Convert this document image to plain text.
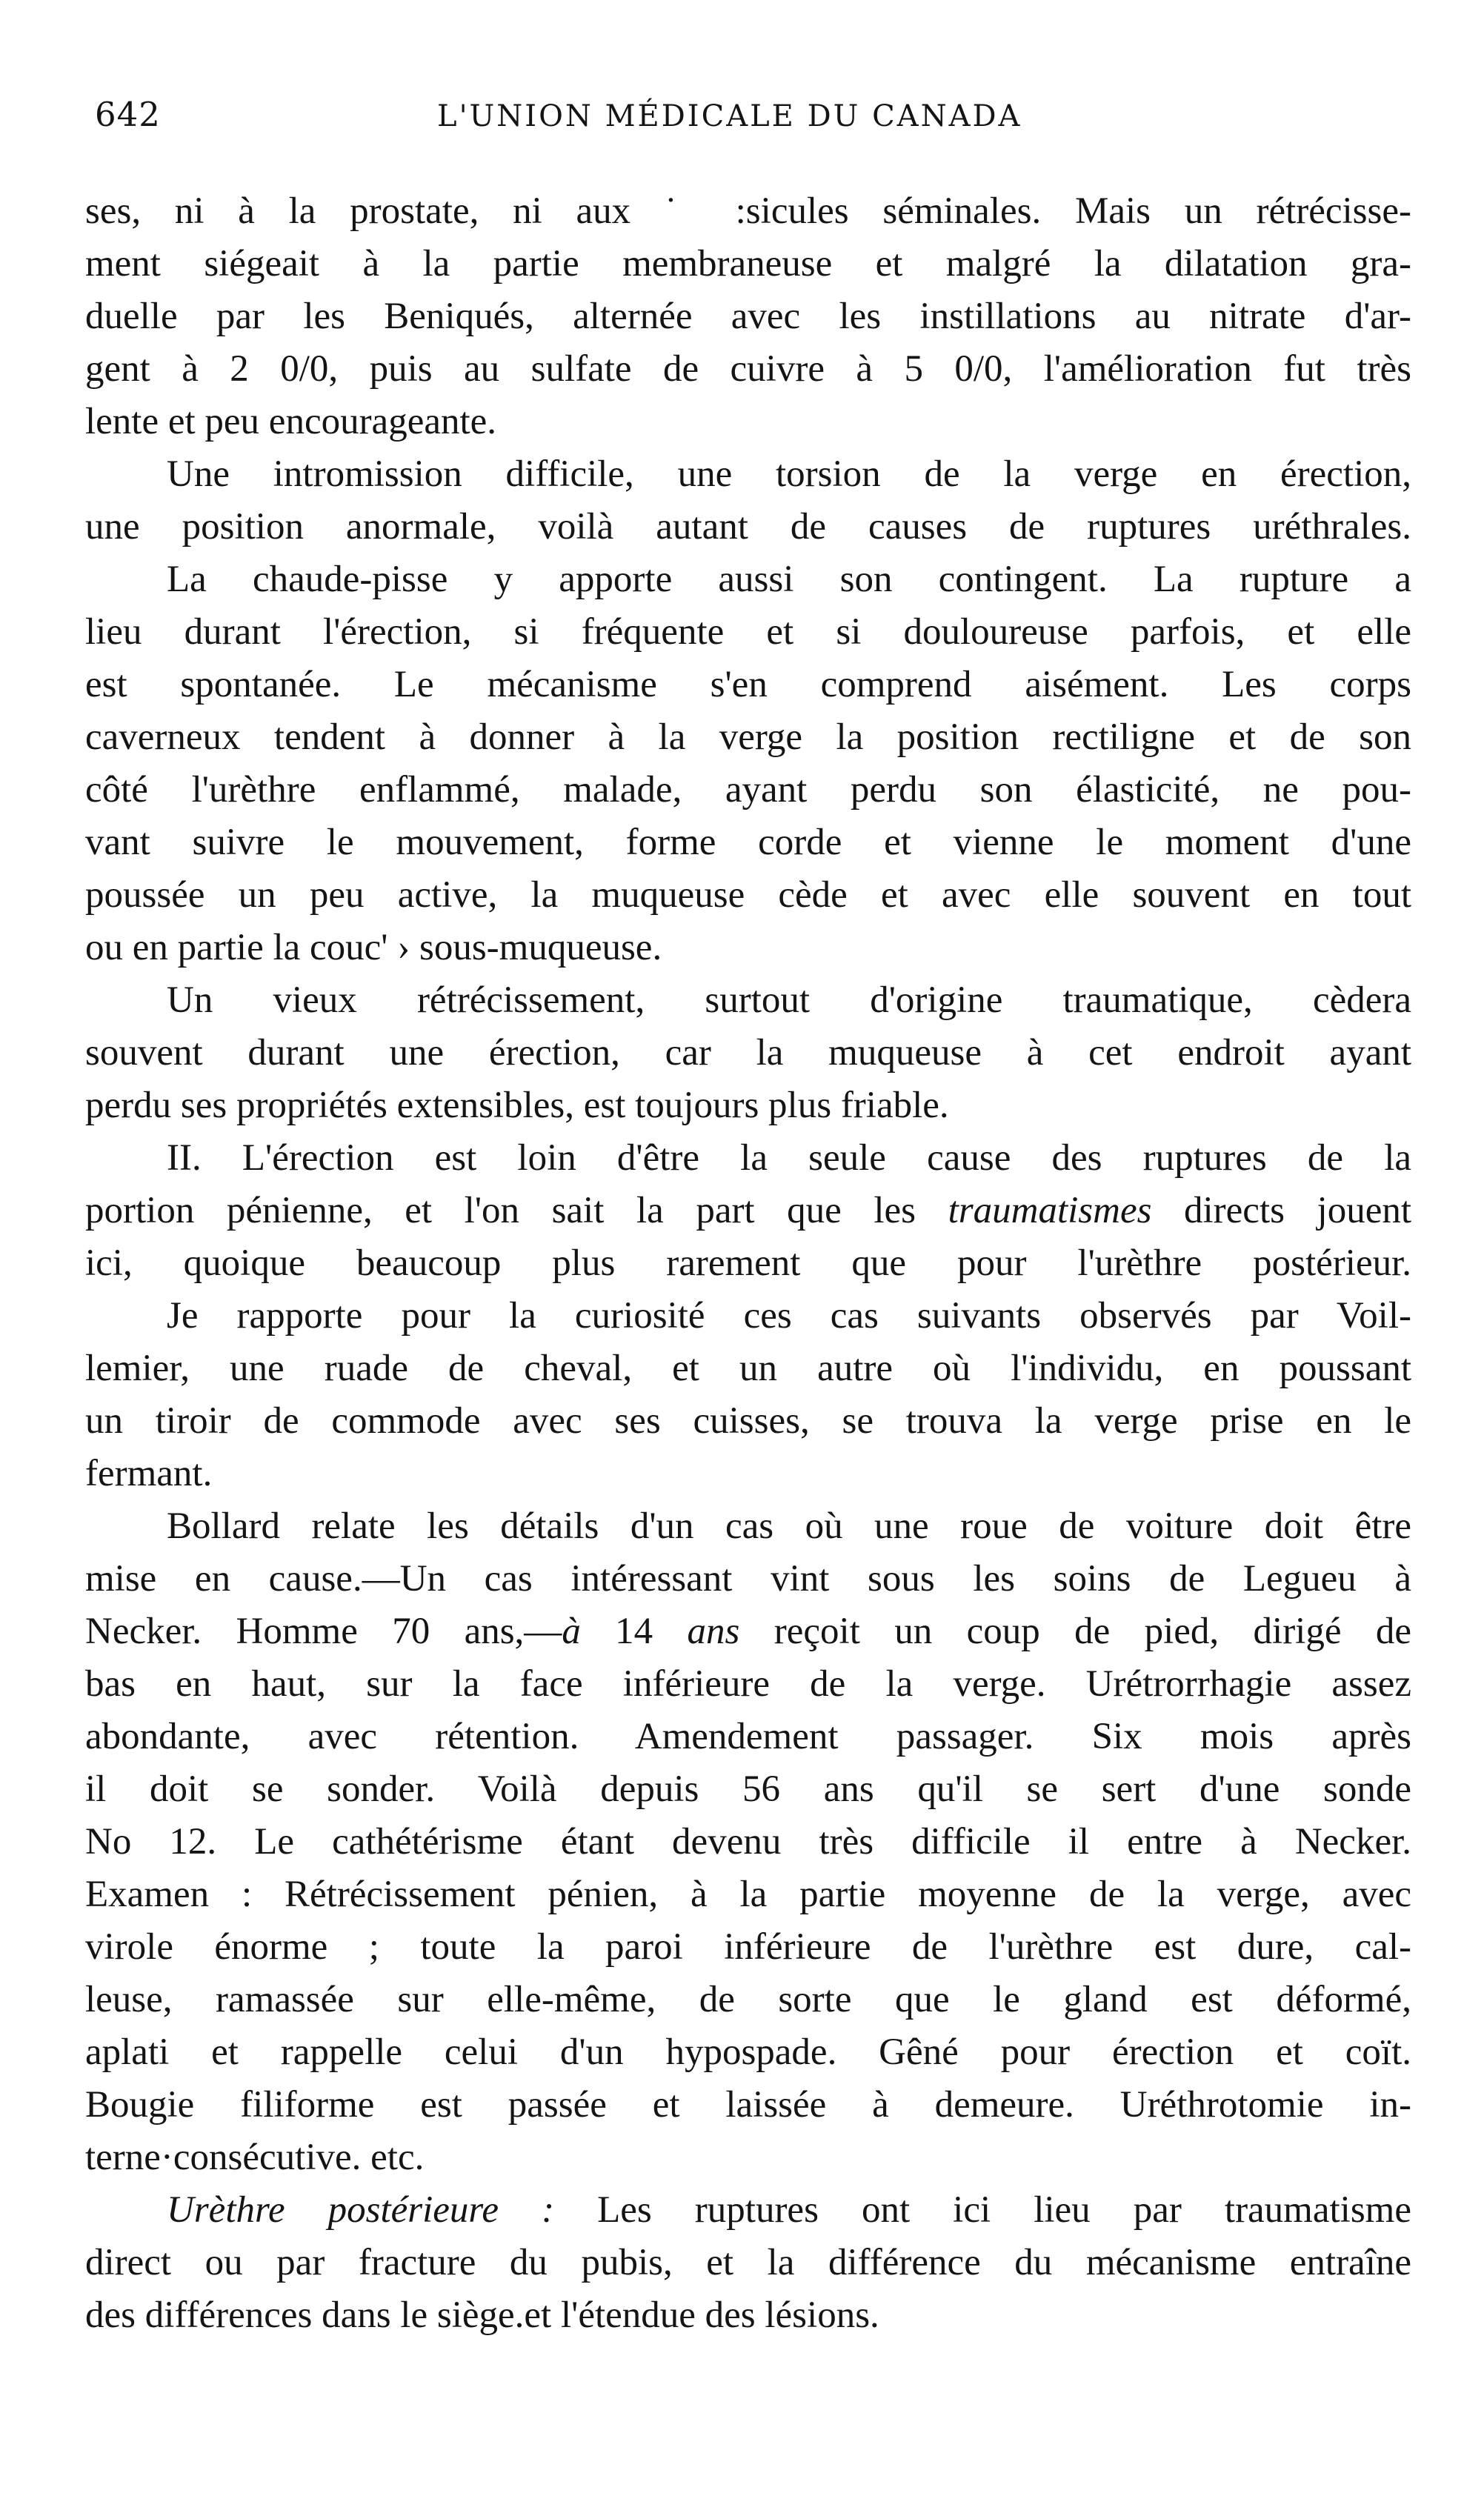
642	L'UNION MÉDICALE DU CANADA
ses, ni à la prostate, ni aux ˙ :sicules séminales. Mais un rétrécisse-
ment siégeait à la partie membraneuse et malgré la dilatation gra-
duelle par les Beniqués, alternée avec les instillations au nitrate d'ar-
gent à 2 0/0, puis au sulfate de cuivre à 5 0/0, l'amélioration fut très
lente et peu encourageante.
Une intromission difficile, une torsion de la verge en érection,
une position anormale, voilà autant de causes de ruptures uréthrales.
La chaude-pisse y apporte aussi son contingent. La rupture a
lieu durant l'érection, si fréquente et si douloureuse parfois, et elle
est spontanée. Le mécanisme s'en comprend aisément. Les corps
caverneux tendent à donner à la verge la position rectiligne et de son
côté l'urèthre enflammé, malade, ayant perdu son élasticité, ne pou-
vant suivre le mouvement, forme corde et vienne le moment d'une
poussée un peu active, la muqueuse cède et avec elle souvent en tout
ou en partie la couc' › sous-muqueuse.
Un vieux rétrécissement, surtout d'origine traumatique, cèdera
souvent durant une érection, car la muqueuse à cet endroit ayant
perdu ses propriétés extensibles, est toujours plus friable.
II. L'érection est loin d'être la seule cause des ruptures de la
portion pénienne, et l'on sait la part que les traumatismes directs jouent
ici, quoique beaucoup plus rarement que pour l'urèthre postérieur.
Je rapporte pour la curiosité ces cas suivants observés par Voil-
lemier, une ruade de cheval, et un autre où l'individu, en poussant
un tiroir de commode avec ses cuisses, se trouva la verge prise en le
fermant.
Bollard relate les détails d'un cas où une roue de voiture doit être
mise en cause.—Un cas intéressant vint sous les soins de Legueu à
Necker. Homme 70 ans,—à 14 ans reçoit un coup de pied, dirigé de
bas en haut, sur la face inférieure de la verge. Urétrorrhagie assez
abondante, avec rétention. Amendement passager. Six mois après
il doit se sonder. Voilà depuis 56 ans qu'il se sert d'une sonde
No 12. Le cathétérisme étant devenu très difficile il entre à Necker.
Examen : Rétrécissement pénien, à la partie moyenne de la verge, avec
virole énorme ; toute la paroi inférieure de l'urèthre est dure, cal-
leuse, ramassée sur elle-même, de sorte que le gland est déformé,
aplati et rappelle celui d'un hypospade. Gêné pour érection et coït.
Bougie filiforme est passée et laissée à demeure. Uréthrotomie in-
terne·consécutive. etc.
Urèthre postérieure : Les ruptures ont ici lieu par traumatisme
direct ou par fracture du pubis, et la différence du mécanisme entraîne
des différences dans le siège.et l'étendue des lésions.
